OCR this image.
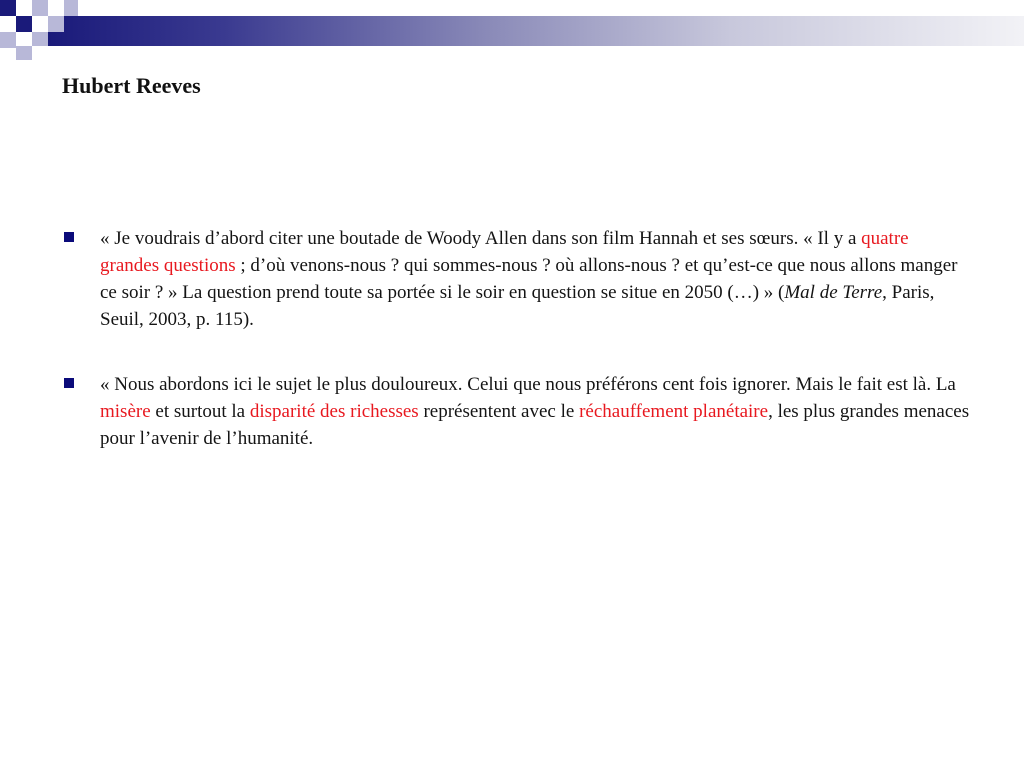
Hubert Reeves
« Je voudrais d’abord citer une boutade de Woody Allen dans son film Hannah et ses sœurs. « Il y a quatre grandes questions ; d’où venons-nous ? qui sommes-nous ? où allons-nous ? et qu’est-ce que nous allons manger ce soir ? » La question prend toute sa portée si le soir en question se situe en 2050 (…) » (Mal de Terre, Paris, Seuil, 2003, p. 115).
« Nous abordons ici le sujet le plus douloureux. Celui que nous préférons cent fois ignorer. Mais le fait est là. La misère et surtout la disparité des richesses représentent avec le réchauffement planétaire, les plus grandes menaces pour l’avenir de l’humanité.
